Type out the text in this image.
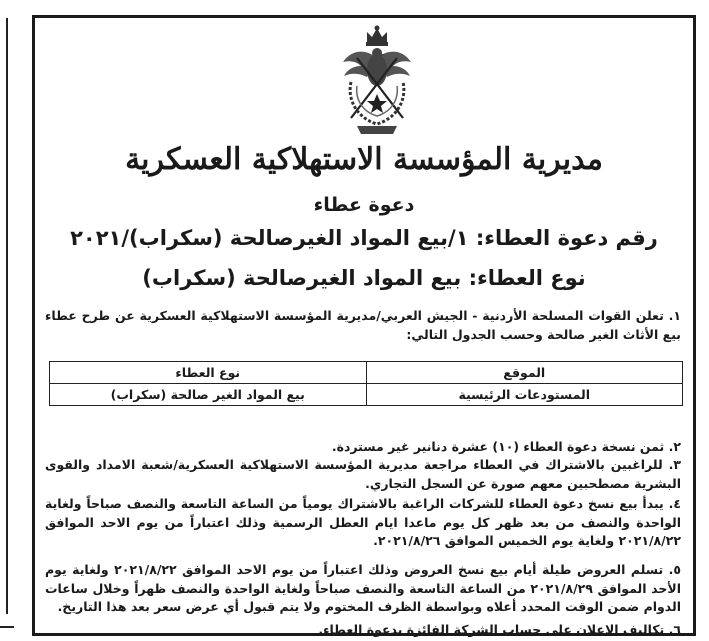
مديرية المؤسسة الاستهلاكية العسكرية
دعوة عطاء
رقم دعوة العطاء: ١/بيع المواد الغيرصالحة (سكراب)/٢٠٢١
نوع العطاء: بيع المواد الغيرصالحة (سكراب)
١. تعلن القوات المسلحة الأردنية - الجيش العربي/مديرية المؤسسة الاستهلاكية العسكرية عن طرح عطاء بيع الأثاث الغير صالحة وحسب الجدول التالي:
الموقع	نوع العطاء
المستودعات الرئيسية	بيع المواد الغير صالحة (سكراب)
٢. ثمن نسخة دعوة العطاء (١٠) عشرة دنانير غير مستردة.
٣. للراغبين بالاشتراك في العطاء مراجعة مديرية المؤسسة الاستهلاكية العسكرية/شعبة الامداد والقوى البشرية مصطحبين معهم صورة عن السجل التجاري.
٤. يبدأ بيع نسخ دعوة العطاء للشركات الراغبة بالاشتراك يومياً من الساعة التاسعة والنصف صباحاً ولغاية الواحدة والنصف من بعد ظهر كل يوم ماعدا ايام العطل الرسمية وذلك اعتباراً من يوم الاحد الموافق ٢٠٢١/٨/٢٢ ولغاية يوم الخميس الموافق ٢٠٢١/٨/٢٦.
٥. تسلم العروض طيلة أيام بيع نسخ العروض وذلك اعتباراً من يوم الاحد الموافق ٢٠٢١/٨/٢٢ ولغاية يوم الأحد الموافق ٢٠٢١/٨/٢٩ من الساعة التاسعة والنصف صباحاً ولغاية الواحدة والنصف ظهراً وخلال ساعات الدوام ضمن الوقت المحدد أعلاه وبواسطة الظرف المختوم ولا يتم قبول أي عرض سعر بعد هذا التاريخ.
٦. تكاليف الاعلان على حساب الشركة الفائزة بدعوة العطاء.
